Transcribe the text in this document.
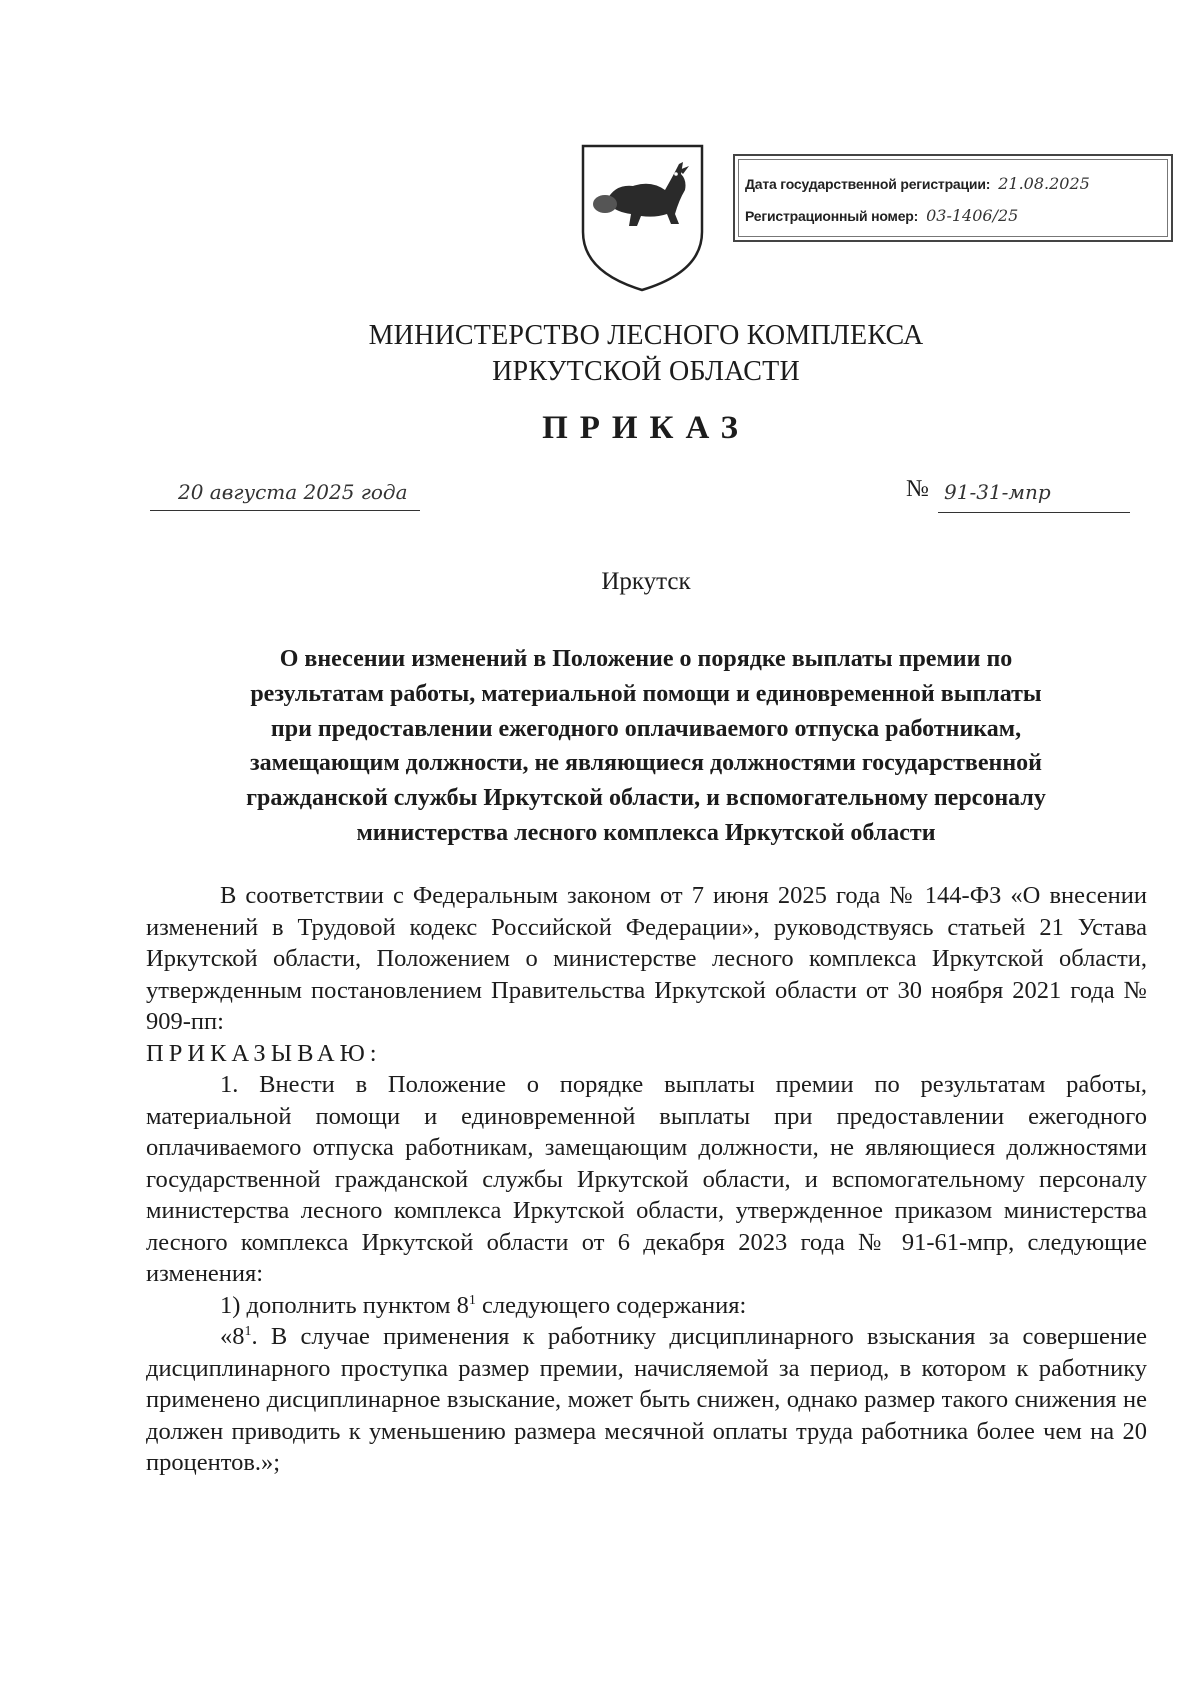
Дата государственной регистрации: 21.08.2025
Регистрационный номер: 03-1406/25
МИНИСТЕРСТВО ЛЕСНОГО КОМПЛЕКСА
ИРКУТСКОЙ ОБЛАСТИ
ПРИКАЗ
20 августа 2025 года	№ 91-31-мпр
Иркутск
О внесении изменений в Положение о порядке выплаты премии по
результатам работы, материальной помощи и единовременной выплаты
при предоставлении ежегодного оплачиваемого отпуска работникам,
замещающим должности, не являющиеся должностями государственной
гражданской службы Иркутской области, и вспомогательному персоналу
министерства лесного комплекса Иркутской области

В соответствии с Федеральным законом от 7 июня 2025 года № 144-ФЗ «О внесении изменений в Трудовой кодекс Российской Федерации», руководствуясь статьей 21 Устава Иркутской области, Положением о министерстве лесного комплекса Иркутской области, утвержденным постановлением Правительства Иркутской области от 30 ноября 2021 года № 909-пп:

ПРИКАЗЫВАЮ:

1. Внести в Положение о порядке выплаты премии по результатам работы, материальной помощи и единовременной выплаты при предоставлении ежегодного оплачиваемого отпуска работникам, замещающим должности, не являющиеся должностями государственной гражданской службы Иркутской области, и вспомогательному персоналу министерства лесного комплекса Иркутской области, утвержденное приказом министерства лесного комплекса Иркутской области от 6 декабря 2023 года № 91-61-мпр, следующие изменения:

1) дополнить пунктом 8$^1$ следующего содержания:

«8$^1$. В случае применения к работнику дисциплинарного взыскания за совершение дисциплинарного проступка размер премии, начисляемой за период, в котором к работнику применено дисциплинарное взыскание, может быть снижен, однако размер такого снижения не должен приводить к уменьшению размера месячной оплаты труда работника более чем на 20 процентов.»;
